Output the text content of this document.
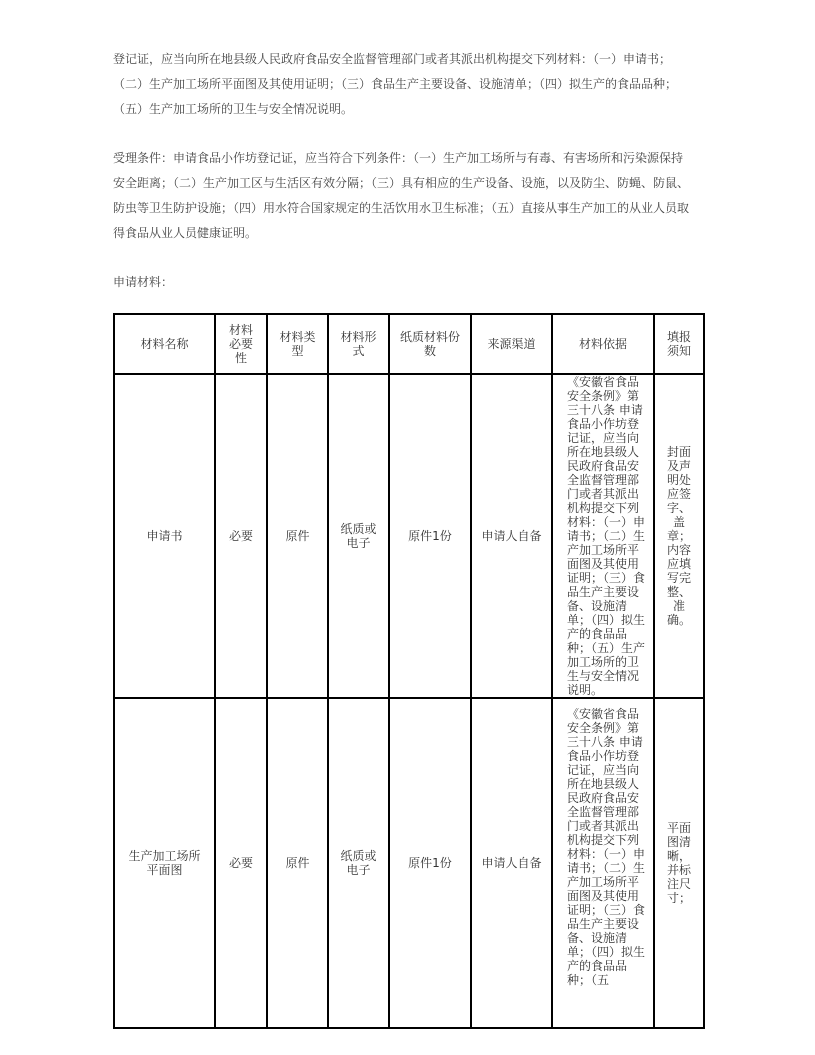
登记证，应当向所在地县级人民政府食品安全监督管理部门或者其派出机构提交下列材料：（一）申请书；（二）生产加工场所平面图及其使用证明；（三）食品生产主要设备、设施清单；（四）拟生产的食品品种；（五）生产加工场所的卫生与安全情况说明。
受理条件：申请食品小作坊登记证，应当符合下列条件：（一）生产加工场所与有毒、有害场所和污染源保持安全距离；（二）生产加工区与生活区有效分隔；（三）具有相应的生产设备、设施，以及防尘、防蝇、防鼠、防虫等卫生防护设施；（四）用水符合国家规定的生活饮用水卫生标准；（五）直接从事生产加工的从业人员取得食品从业人员健康证明。
申请材料：
材料名称	材料必要性	材料类型	材料形式	纸质材料份数	来源渠道	材料依据	填报须知

申请书	必要	原件	纸质或电子	原件1份	申请人自备	《安徽省食品安全条例》第三十八条 申请食品小作坊登记证，应当向所在地县级人民政府食品安全监督管理部门或者其派出机构提交下列材料：（一）申请书；（二）生产加工场所平面图及其使用证明；（三）食品生产主要设备、设施清单；（四）拟生产的食品品种；（五）生产加工场所的卫生与安全情况说明。	封面及声明处应签字、盖章；内容应填写完整、准确。

生产加工场所平面图	必要	原件	纸质或电子	原件1份	申请人自备	《安徽省食品安全条例》第三十八条 申请食品小作坊登记证，应当向所在地县级人民政府食品安全监督管理部门或者其派出机构提交下列材料：（一）申请书；（二）生产加工场所平面图及其使用证明；（三）食品生产主要设备、设施清单；（四）拟生产的食品品种；（五	平面图清晰，并标注尺寸；
